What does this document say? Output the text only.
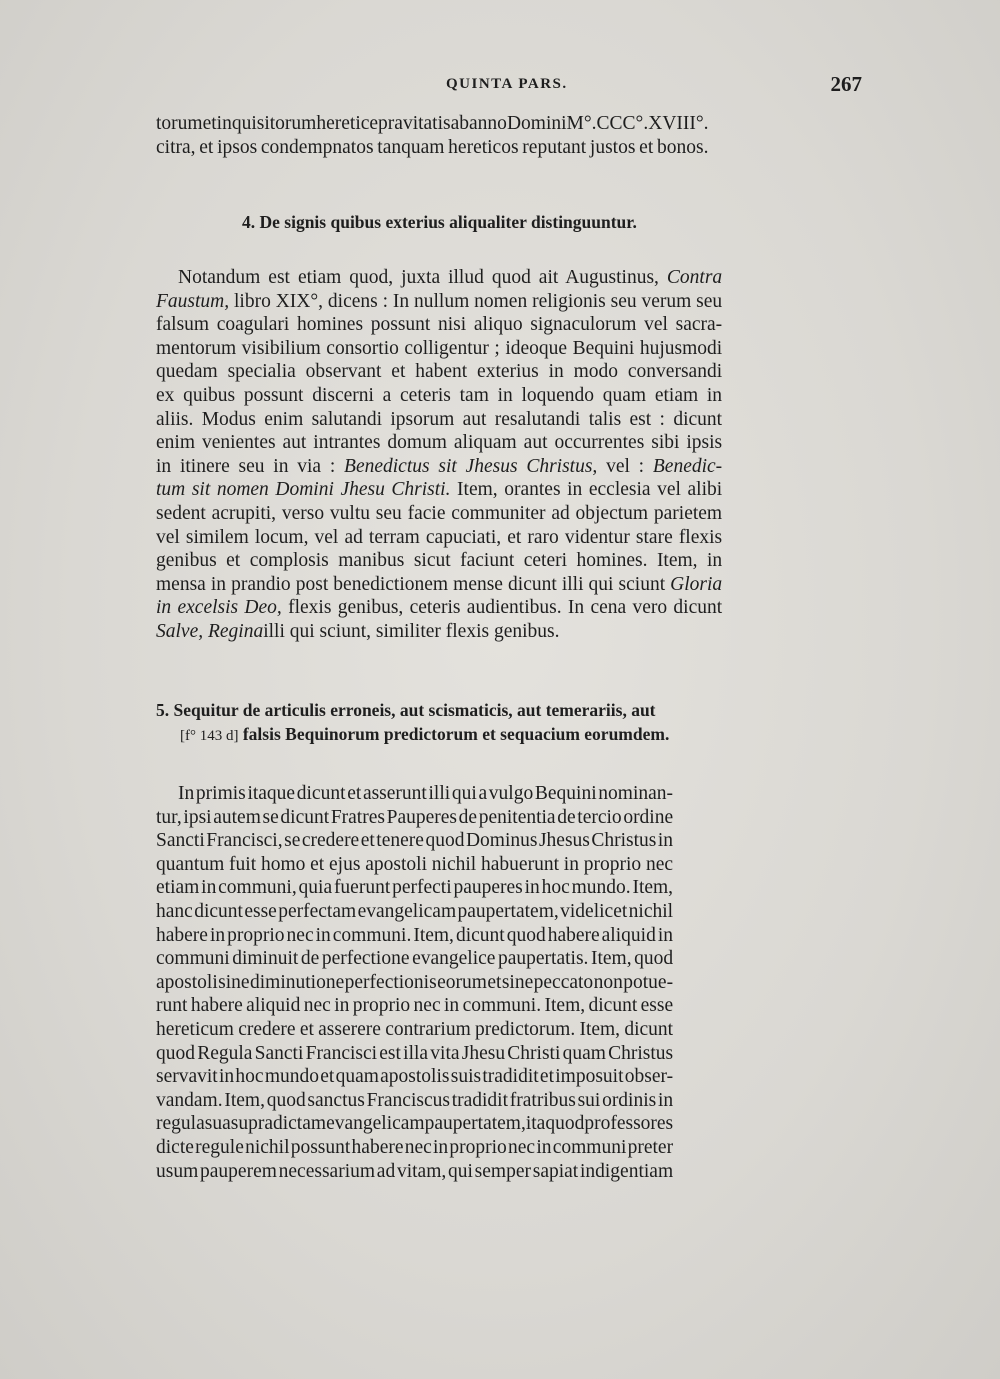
QUINTA PARS.	267
torum et inquisitorum heretice pravitatis ab anno Domini M°.CCC°.XVIII°.
citra, et ipsos condempnatos tanquam hereticos reputant justos et bonos.
4. De signis quibus exterius aliqualiter distinguuntur.
Notandum est etiam quod, juxta illud quod ait Augustinus, Contra
Faustum, libro XIX°, dicens : In nullum nomen religionis seu verum seu
falsum coagulari homines possunt nisi aliquo signaculorum vel sacra-
mentorum visibilium consortio colligentur ; ideoque Bequini hujusmodi
quedam specialia observant et habent exterius in modo conversandi
ex quibus possunt discerni a ceteris tam in loquendo quam etiam in
aliis. Modus enim salutandi ipsorum aut resalutandi talis est : dicunt
enim venientes aut intrantes domum aliquam aut occurrentes sibi ipsis
in itinere seu in via : Benedictus sit Jhesus Christus, vel : Benedic-
tum sit nomen Domini Jhesu Christi. Item, orantes in ecclesia vel alibi
sedent acrupiti, verso vultu seu facie communiter ad objectum parietem
vel similem locum, vel ad terram capuciati, et raro videntur stare flexis
genibus et complosis manibus sicut faciunt ceteri homines. Item, in
mensa in prandio post benedictionem mense dicunt illi qui sciunt Gloria
in excelsis Deo, flexis genibus, ceteris audientibus. In cena vero dicunt
Salve, Regina illi qui sciunt, similiter flexis genibus.
5. Sequitur de articulis erroneis, aut scismaticis, aut temerariis, aut
[f° 143 d] falsis Bequinorum predictorum et sequacium eorumdem.
In primis itaque dicunt et asserunt illi qui a vulgo Bequini nominan-
tur, ipsi autem se dicunt Fratres Pauperes de penitentia de tercio ordine
Sancti Francisci, se credere et tenere quod Dominus Jhesus Christus in
quantum fuit homo et ejus apostoli nichil habuerunt in proprio nec
etiam in communi, quia fuerunt perfecti pauperes in hoc mundo. Item,
hanc dicunt esse perfectam evangelicam paupertatem, videlicet nichil
habere in proprio nec in communi. Item, dicunt quod habere aliquid in
communi diminuit de perfectione evangelice paupertatis. Item, quod
apostoli sine diminutione perfectionis eorum et sine peccato non potue-
runt habere aliquid nec in proprio nec in communi. Item, dicunt esse
hereticum credere et asserere contrarium predictorum. Item, dicunt
quod Regula Sancti Francisci est illa vita Jhesu Christi quam Christus
servavit in hoc mundo et quam apostolis suis tradidit et imposuit obser-
vandam. Item, quod sanctus Franciscus tradidit fratribus sui ordinis in
regula sua supra dictam evangelicam paupertatem, ita quod professores
dicte regule nichil possunt habere nec in proprio nec in communi preter
usum pauperem necessarium ad vitam, qui semper sapiat indigentiam
